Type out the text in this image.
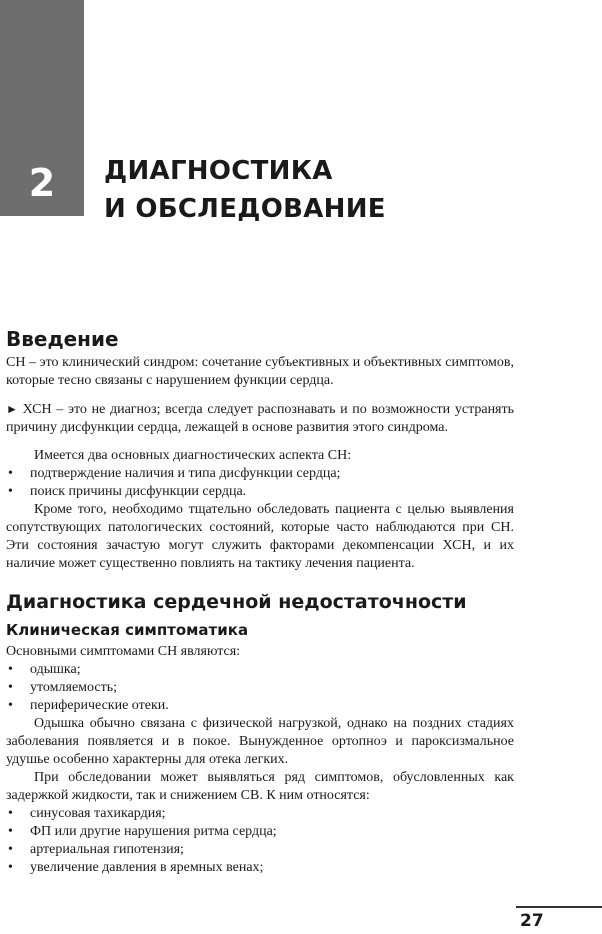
2	ДИАГНОСТИКА
И ОБСЛЕДОВАНИЕ
Введение

СН – это клинический синдром: сочетание субъективных и объективных симптомов, которые тесно связаны с нарушением функции сердца.

► ХСН – это не диагноз; всегда следует распознавать и по возможности устранять причину дисфункции сердца, лежащей в основе развития этого синдрома.

Имеется два основных диагностических аспекта СН:

• подтверждение наличия и типа дисфункции сердца;
• поиск причины дисфункции сердца.

Кроме того, необходимо тщательно обследовать пациента с целью выявления сопутствующих патологических состояний, которые часто наблюдаются при СН. Эти состояния зачастую могут служить факторами декомпенсации ХСН, и их наличие может существенно повлиять на тактику лечения пациента.

Диагностика сердечной недостаточности
Клиническая симптоматика

Основными симптомами СН являются:

• одышка;
• утомляемость;
• периферические отеки.

Одышка обычно связана с физической нагрузкой, однако на поздних стадиях заболевания появляется и в покое. Вынужденное ортопноэ и пароксизмальное удушье особенно характерны для отека легких.

При обследовании может выявляться ряд симптомов, обусловленных как задержкой жидкости, так и снижением СВ. К ним относятся:

• синусовая тахикардия;
• ФП или другие нарушения ритма сердца;
• артериальная гипотензия;
• увеличение давления в яремных венах;
27
